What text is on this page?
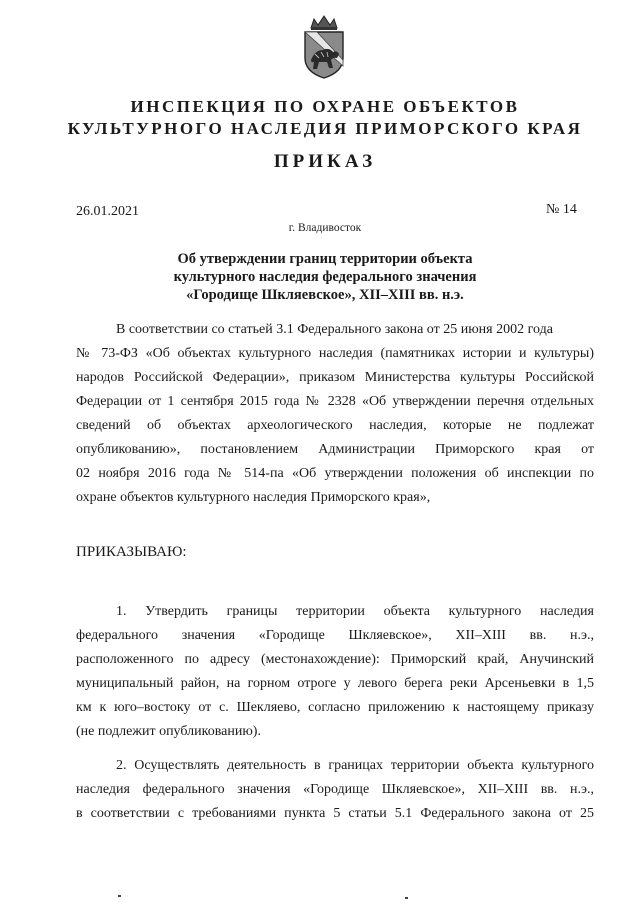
ИНСПЕКЦИЯ ПО ОХРАНЕ ОБЪЕКТОВ
КУЛЬТУРНОГО НАСЛЕДИЯ ПРИМОРСКОГО КРАЯ
ПРИКАЗ
26.01.2021	№ 14
г. Владивосток
Об утверждении границ территории объекта
культурного наследия федерального значения
«Городище Шкляевское», XII–XIII вв. н.э.
В соответствии со статьей 3.1 Федерального закона от 25 июня 2002 года
№ 73-ФЗ «Об объектах культурного наследия (памятниках истории и культуры)
народов Российской Федерации», приказом Министерства культуры Российской
Федерации от 1 сентября 2015 года № 2328 «Об утверждении перечня отдельных
сведений об объектах археологического наследия, которые не подлежат
опубликованию», постановлением Администрации Приморского края от
02 ноября 2016 года № 514-па «Об утверждении положения об инспекции по
охране объектов культурного наследия Приморского края»,
ПРИКАЗЫВАЮ:
1. Утвердить границы территории объекта культурного наследия
федерального значения «Городище Шкляевское», XII–XIII вв. н.э.,
расположенного по адресу (местонахождение): Приморский край, Анучинский
муниципальный район, на горном отроге у левого берега реки Арсеньевки в 1,5
км к юго–востоку от с. Шекляево, согласно приложению к настоящему приказу
(не подлежит опубликованию).
2. Осуществлять деятельность в границах территории объекта культурного
наследия федерального значения «Городище Шкляевское», XII–XIII вв. н.э.,
в соответствии с требованиями пункта 5 статьи 5.1 Федерального закона от 25
